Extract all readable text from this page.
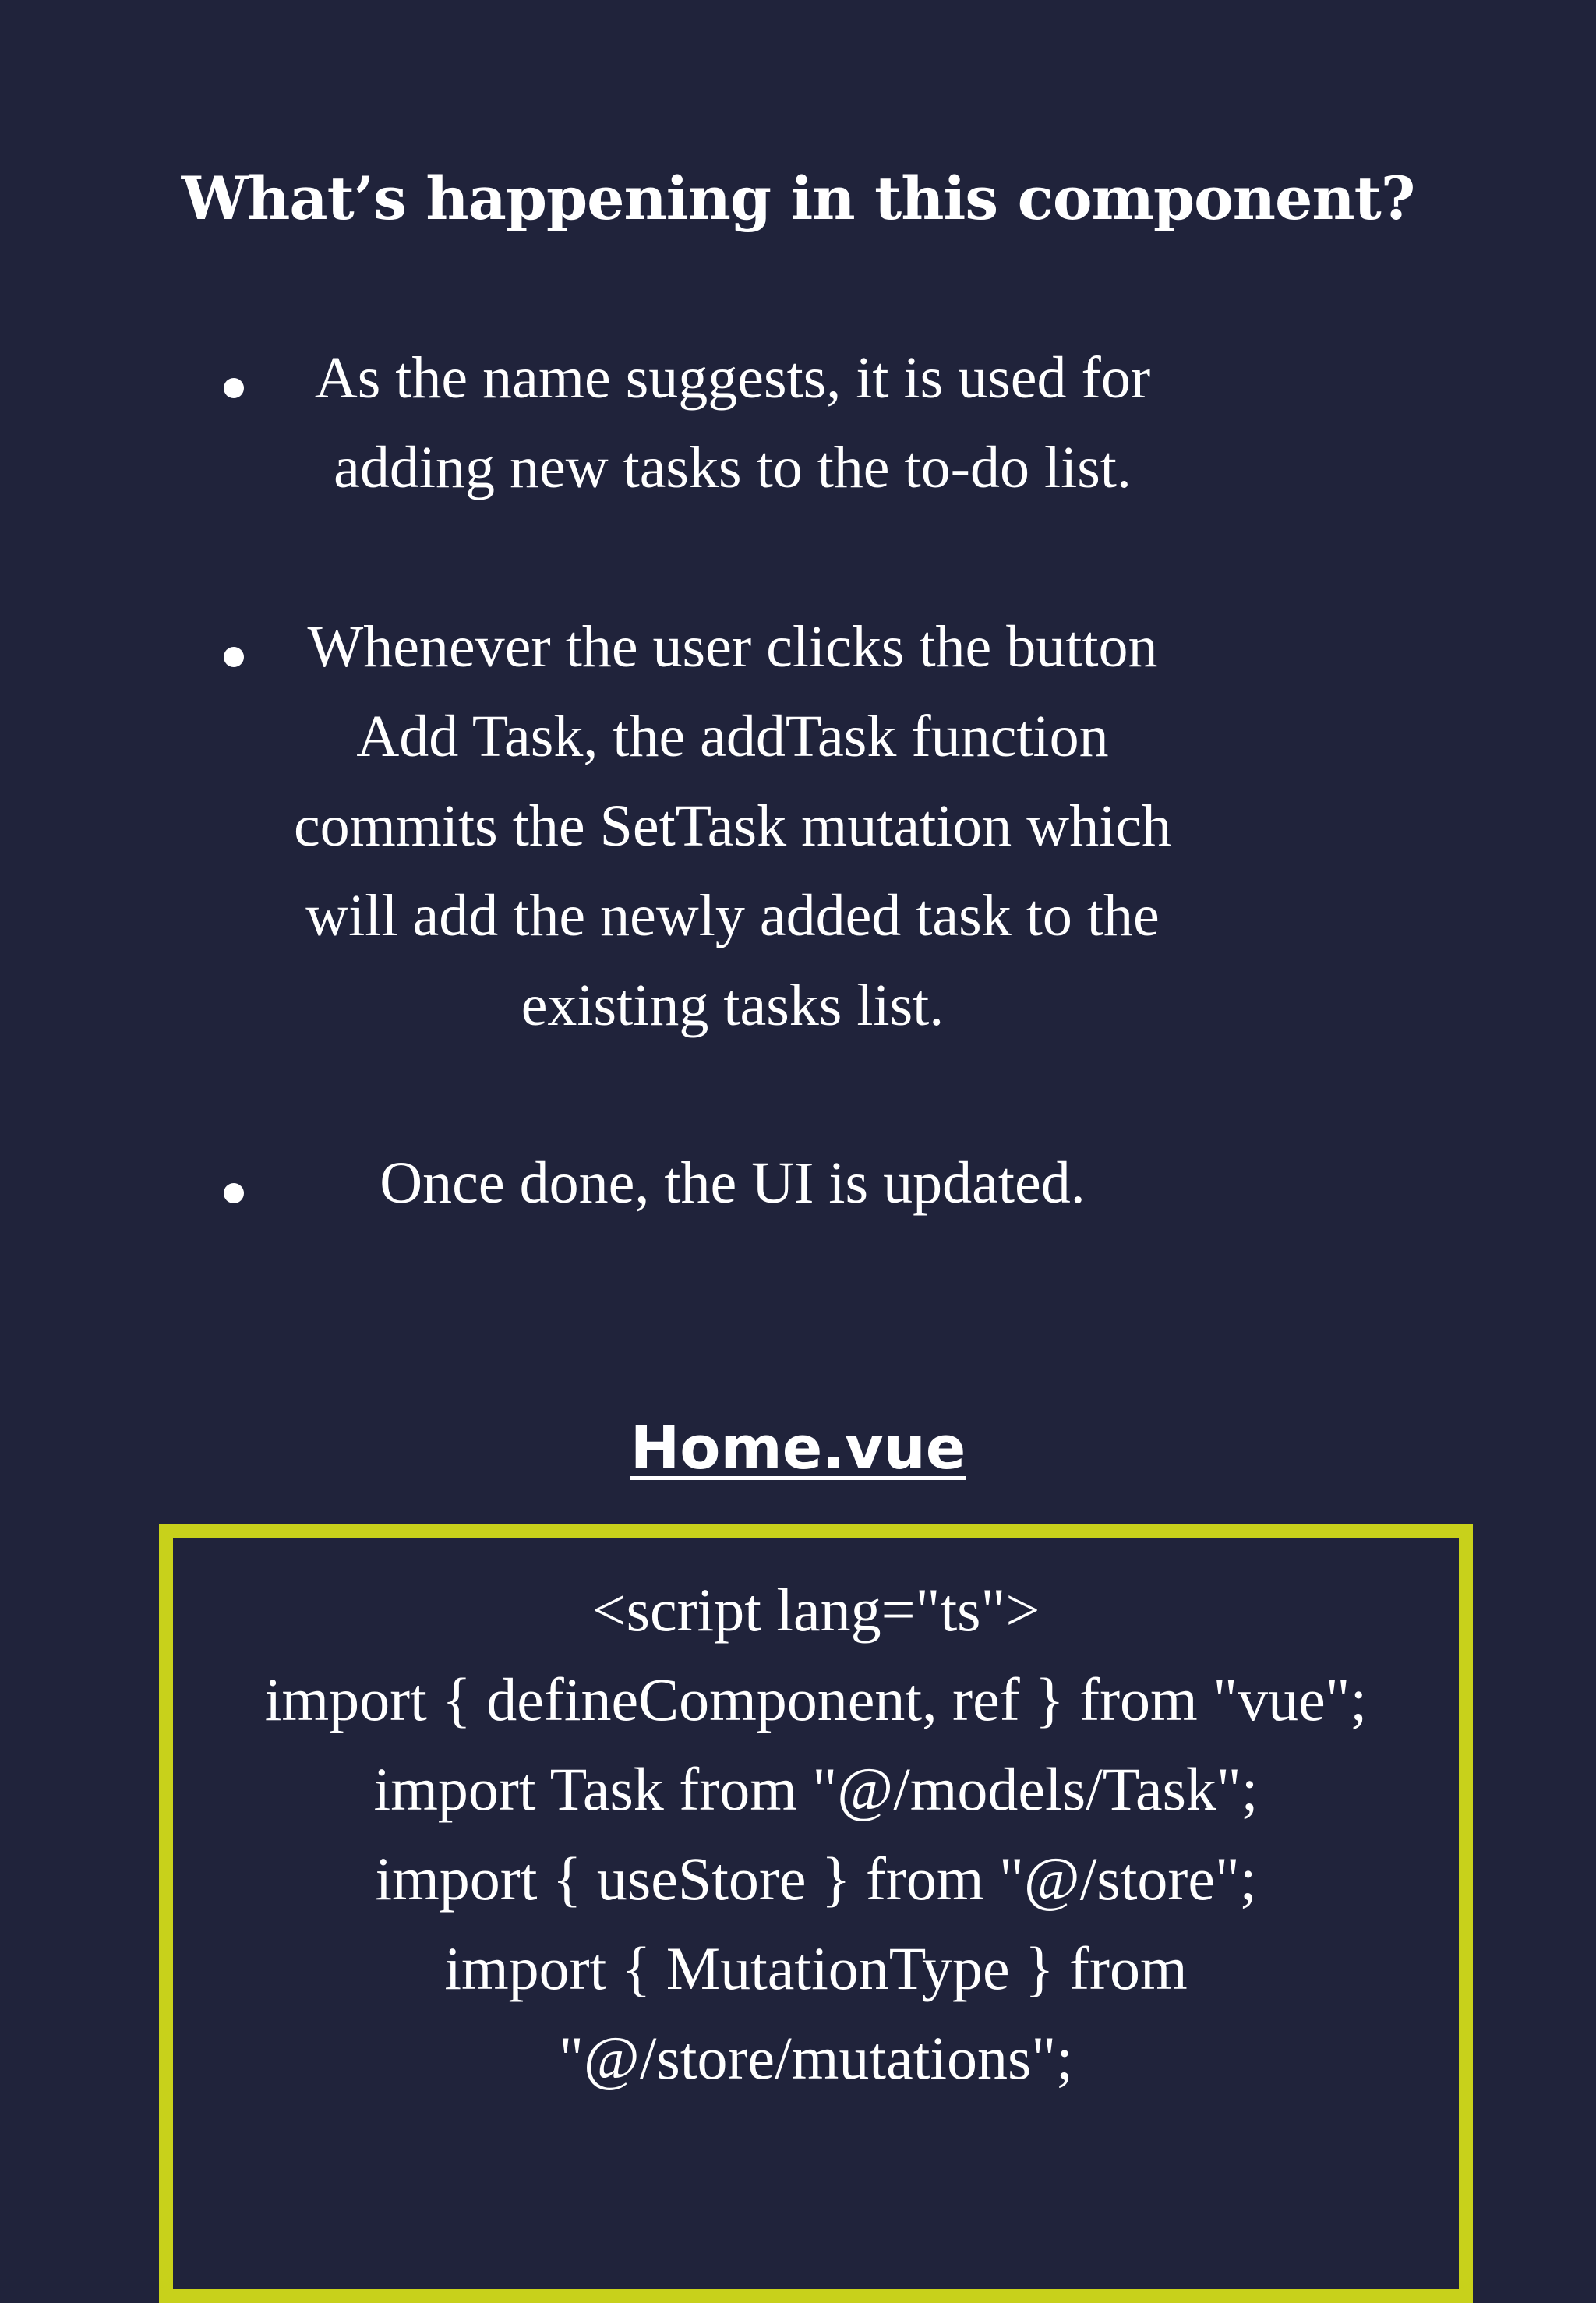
What’s happening in this component?
As the name suggests, it is used for adding new tasks to the to-do list.
Whenever the user clicks the button Add Task, the addTask function commits the SetTask mutation which will add the newly added task to the existing tasks list.
Once done, the UI is updated.
Home.vue
<script lang="ts">
import { defineComponent, ref } from "vue";
import Task from "@/models/Task";
import { useStore } from "@/store";
import { MutationType } from
"@/store/mutations";
